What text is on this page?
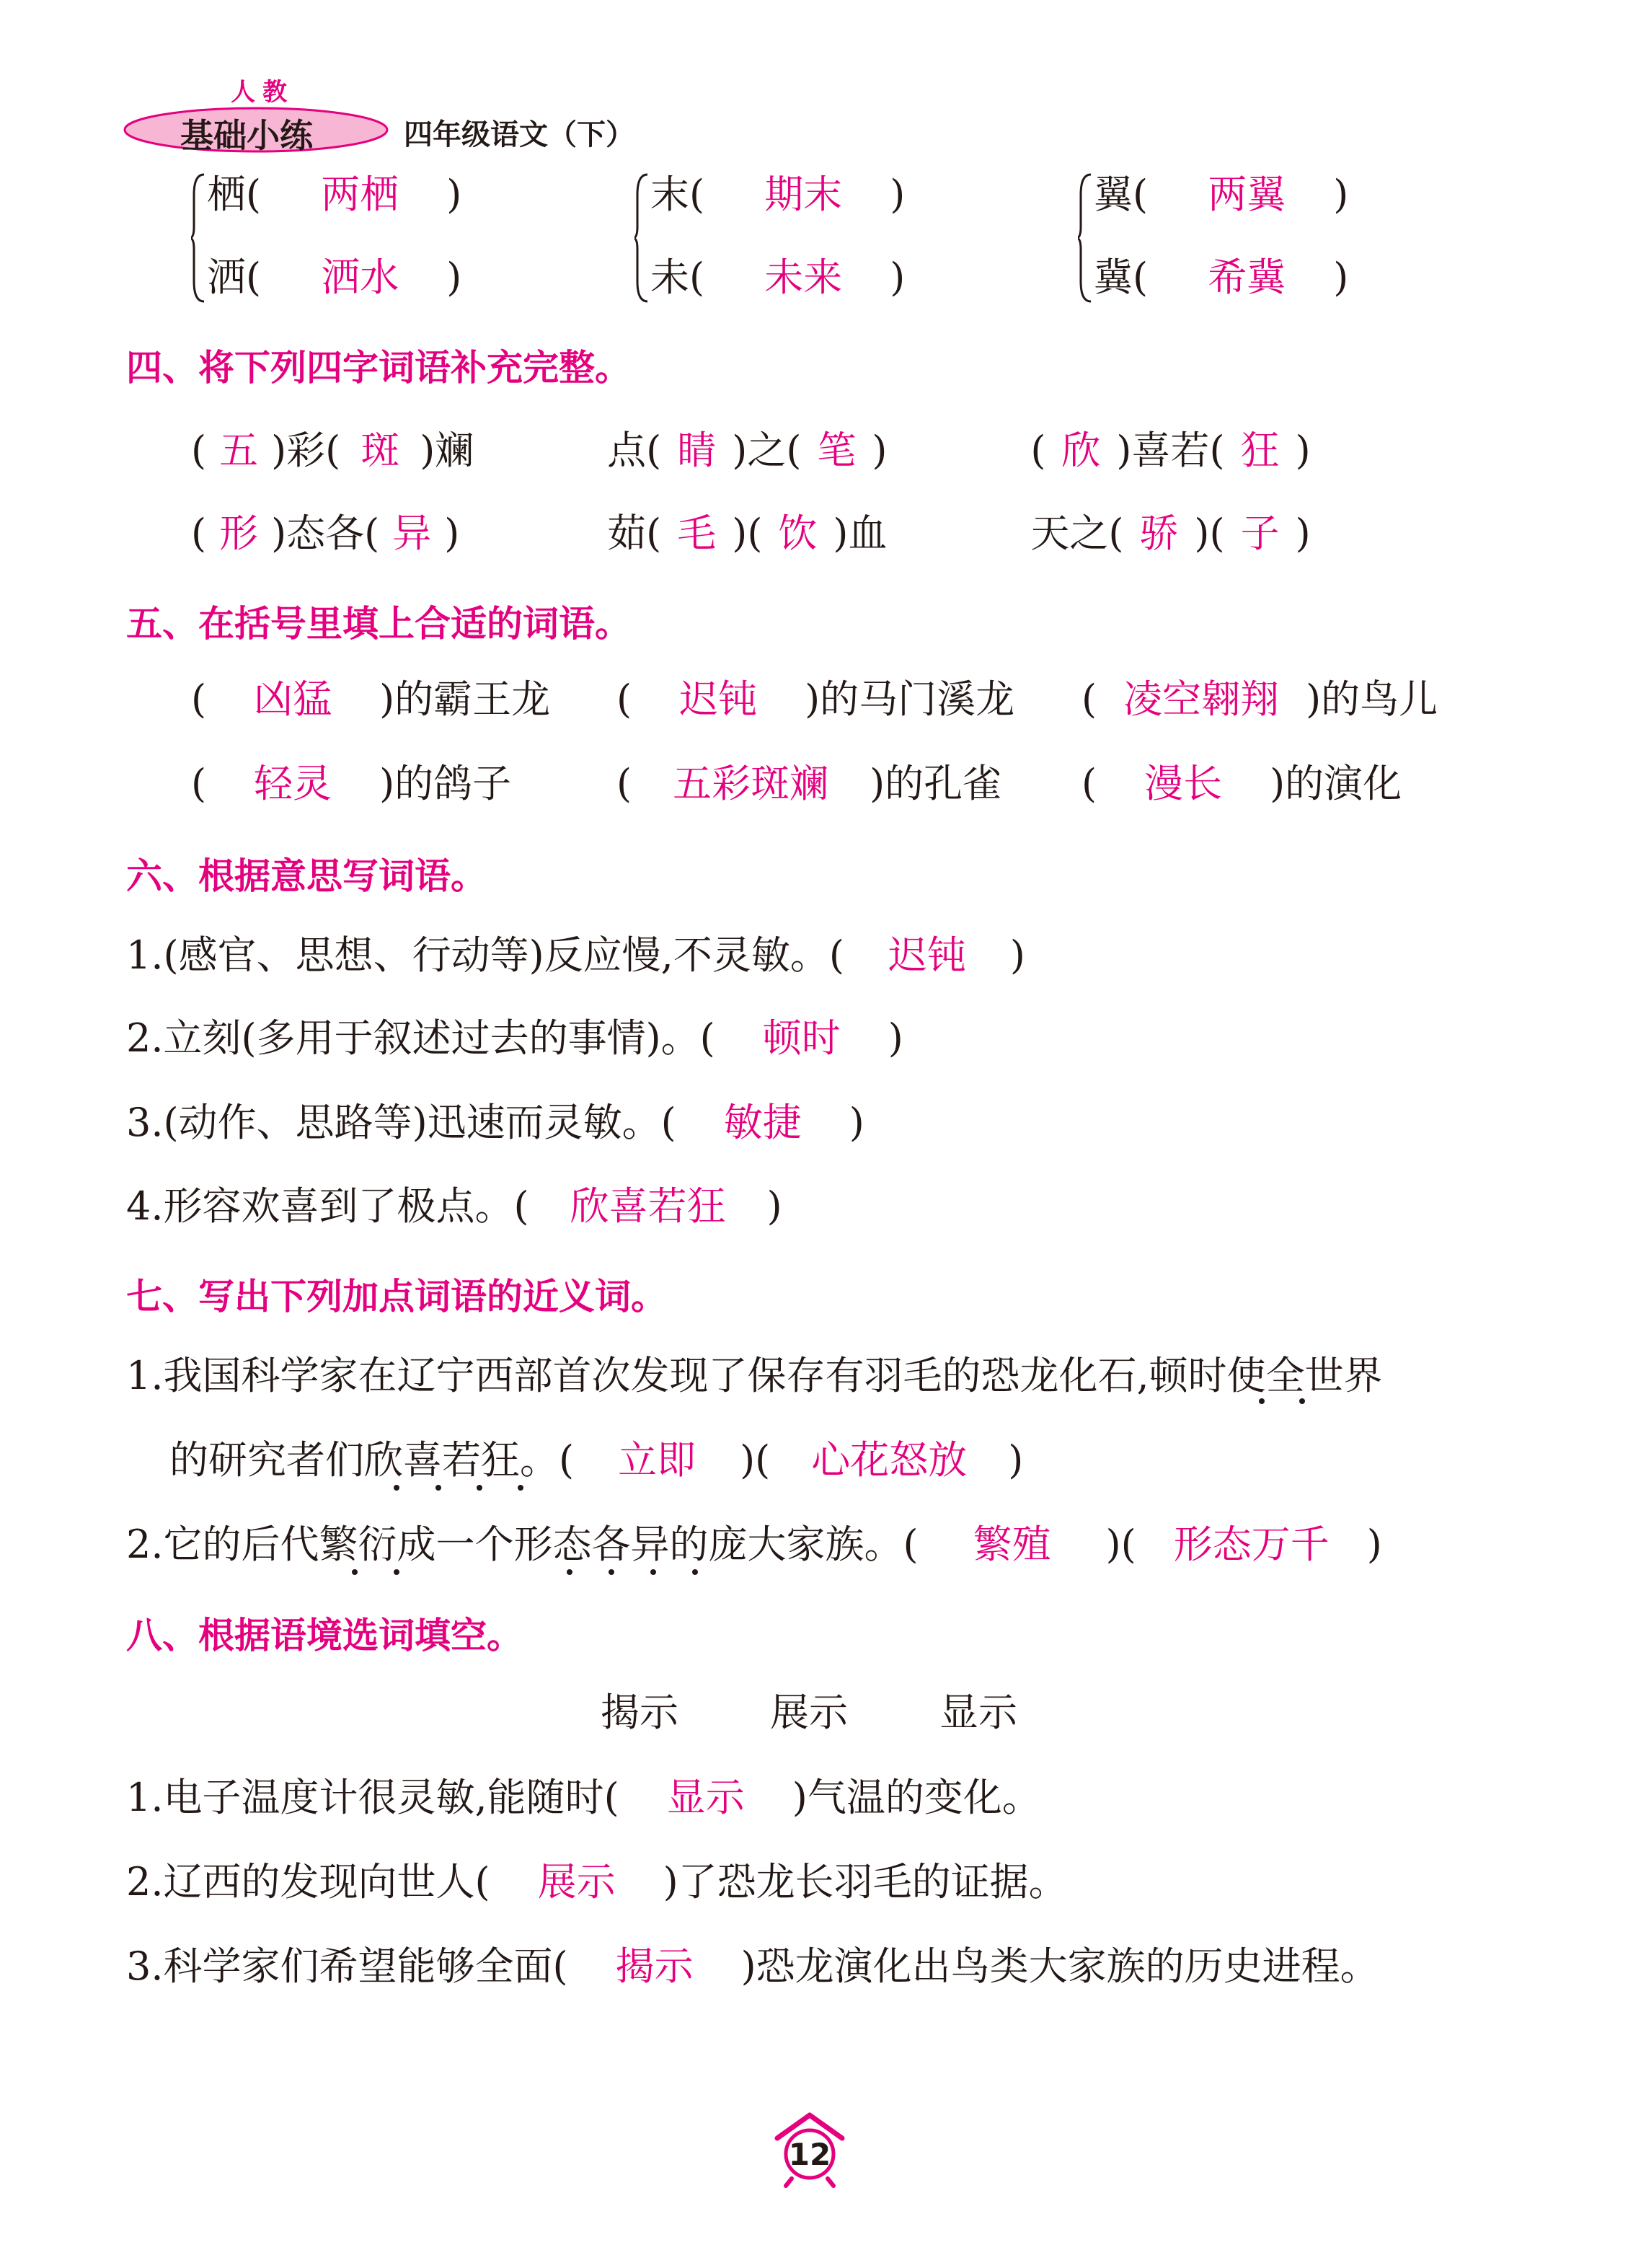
人教
基础小练	四年级语文（下）
栖( 两栖 )
洒( 洒水 )
末( 期末 )
未( 未来 )
翼( 两翼 )
冀( 希冀 )
四、将下列四字词语补充完整。
( 五 )彩( 斑 )斓	点( 睛 )之( 笔 )	( 欣 )喜若( 狂 )
( 形 )态各( 异 )	茹( 毛 )( 饮 )血	天之( 骄 )( 子 )
五、在括号里填上合适的词语。
( 凶猛 )的霸王龙 ( 迟钝 )的马门溪龙 ( 凌空翱翔 )的鸟儿
( 轻灵 )的鸽子	( 五彩斑斓 )的孔雀 ( 漫长 )的演化
六、根据意思写词语。
1.(感官、思想、行动等)反应慢,不灵敏。( 迟钝 )
2.立刻(多用于叙述过去的事情)。( 顿时 )
3.(动作、思路等)迅速而灵敏。( 敏捷 )
4.形容欢喜到了极点。( 欣喜若狂 )
七、写出下列加点词语的近义词。
1.我国科学家在辽宁西部首次发现了保存有羽毛的恐龙化石,顿时使全世界
的研究者们欣喜若狂。( 立即 )( 心花怒放 )
2.它的后代繁衍成一个形态各异的庞大家族。( 繁殖 )( 形态万千 )
八、根据语境选词填空。
揭示 展示 显示
1.电子温度计很灵敏,能随时( 显示 )气温的变化。
2.辽西的发现向世人( 展示 )了恐龙长羽毛的证据。
3.科学家们希望能够全面( 揭示 )恐龙演化出鸟类大家族的历史进程。
12
